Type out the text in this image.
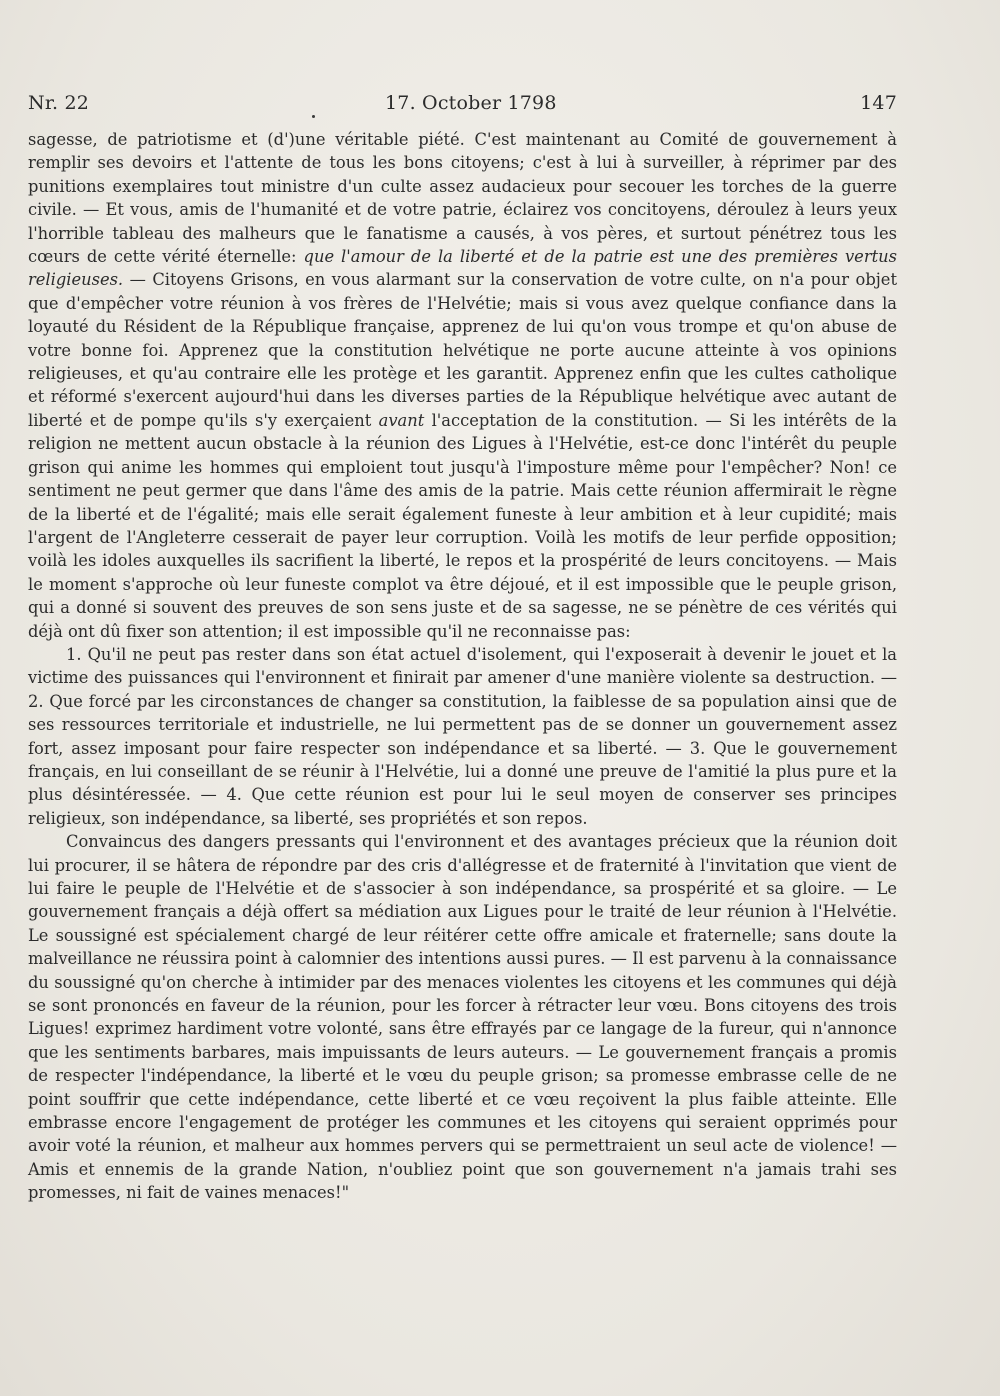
Nr. 22	17. October 1798	147

sagesse, de patriotisme et (d')une véritable piété. C'est maintenant au Comité de gouvernement à remplir ses devoirs et l'attente de tous les bons citoyens; c'est à lui à surveiller, à réprimer par des punitions exemplaires tout ministre d'un culte assez audacieux pour secouer les torches de la guerre civile. — Et vous, amis de l'humanité et de votre patrie, éclairez vos concitoyens, déroulez à leurs yeux l'horrible tableau des malheurs que le fanatisme a causés, à vos pères, et surtout pénétrez tous les cœurs de cette vérité éternelle: que l'amour de la liberté et de la patrie est une des premières vertus religieuses. — Citoyens Grisons, en vous alarmant sur la conservation de votre culte, on n'a pour objet que d'empêcher votre réunion à vos frères de l'Helvétie; mais si vous avez quelque confiance dans la loyauté du Résident de la République française, apprenez de lui qu'on vous trompe et qu'on abuse de votre bonne foi. Apprenez que la constitution helvétique ne porte aucune atteinte à vos opinions religieuses, et qu'au contraire elle les protège et les garantit. Apprenez enfin que les cultes catholique et réformé s'exercent aujourd'hui dans les diverses parties de la République helvétique avec autant de liberté et de pompe qu'ils s'y exerçaient avant l'acceptation de la constitution. — Si les intérêts de la religion ne mettent aucun obstacle à la réunion des Ligues à l'Helvétie, est-ce donc l'intérêt du peuple grison qui anime les hommes qui emploient tout jusqu'à l'imposture même pour l'empêcher? Non! ce sentiment ne peut germer que dans l'âme des amis de la patrie. Mais cette réunion affermirait le règne de la liberté et de l'égalité; mais elle serait également funeste à leur ambition et à leur cupidité; mais l'argent de l'Angleterre cesserait de payer leur corruption. Voilà les motifs de leur perfide opposition; voilà les idoles auxquelles ils sacrifient la liberté, le repos et la prospérité de leurs concitoyens. — Mais le moment s'approche où leur funeste complot va être déjoué, et il est impossible que le peuple grison, qui a donné si souvent des preuves de son sens juste et de sa sagesse, ne se pénètre de ces vérités qui déjà ont dû fixer son attention; il est impossible qu'il ne reconnaisse pas:

1. Qu'il ne peut pas rester dans son état actuel d'isolement, qui l'exposerait à devenir le jouet et la victime des puissances qui l'environnent et finirait par amener d'une manière violente sa destruction. — 2. Que forcé par les circonstances de changer sa constitution, la faiblesse de sa population ainsi que de ses ressources territoriale et industrielle, ne lui permettent pas de se donner un gouvernement assez fort, assez imposant pour faire respecter son indépendance et sa liberté. — 3. Que le gouvernement français, en lui conseillant de se réunir à l'Helvétie, lui a donné une preuve de l'amitié la plus pure et la plus désintéressée. — 4. Que cette réunion est pour lui le seul moyen de conserver ses principes religieux, son indépendance, sa liberté, ses propriétés et son repos.

Convaincus des dangers pressants qui l'environnent et des avantages précieux que la réunion doit lui procurer, il se hâtera de répondre par des cris d'allégresse et de fraternité à l'invitation que vient de lui faire le peuple de l'Helvétie et de s'associer à son indépendance, sa prospérité et sa gloire. — Le gouvernement français a déjà offert sa médiation aux Ligues pour le traité de leur réunion à l'Helvétie. Le soussigné est spécialement chargé de leur réitérer cette offre amicale et fraternelle; sans doute la malveillance ne réussira point à calomnier des intentions aussi pures. — Il est parvenu à la connaissance du soussigné qu'on cherche à intimider par des menaces violentes les citoyens et les communes qui déjà se sont prononcés en faveur de la réunion, pour les forcer à rétracter leur vœu. Bons citoyens des trois Ligues! exprimez hardiment votre volonté, sans être effrayés par ce langage de la fureur, qui n'annonce que les sentiments barbares, mais impuissants de leurs auteurs. — Le gouvernement français a promis de respecter l'indépendance, la liberté et le vœu du peuple grison; sa promesse embrasse celle de ne point souffrir que cette indépendance, cette liberté et ce vœu reçoivent la plus faible atteinte. Elle embrasse encore l'engagement de protéger les communes et les citoyens qui seraient opprimés pour avoir voté la réunion, et malheur aux hommes pervers qui se permettraient un seul acte de violence! — Amis et ennemis de la grande Nation, n'oubliez point que son gouvernement n'a jamais trahi ses promesses, ni fait de vaines menaces!"
